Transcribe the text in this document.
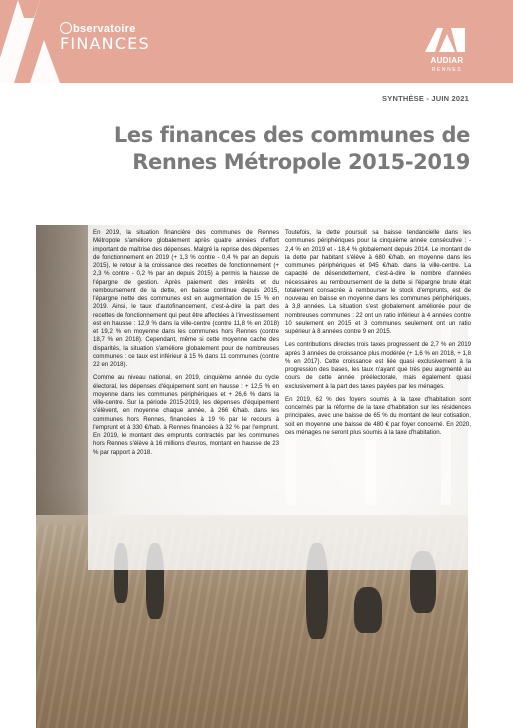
bservatoire
FINANCES
AUDIAR
RENNES
SYNTHÈSE - JUIN 2021
Les finances des communes de
Rennes Métropole 2015-2019

En 2019, la situation financière des communes de Rennes Métropole s'améliore globalement après quatre années d'effort important de maîtrise des dépenses. Malgré la reprise des dépenses de fonctionnement en 2019 (+ 1,3 % contre - 0,4 % par an depuis 2015), le retour à la croissance des recettes de fonctionnement (+ 2,3 % contre - 0,2 % par an depuis 2015) a permis la hausse de l'épargne de gestion. Après paiement des intérêts et du remboursement de la dette, en baisse continue depuis 2015, l'épargne nette des communes est en augmentation de 15 % en 2019. Ainsi, le taux d'autofinancement, c'est-à-dire la part des recettes de fonctionnement qui peut être affectées à l'investissement est en hausse : 12,9 % dans la ville-centre (contre 11,8 % en 2018) et 19,2 % en moyenne dans les communes hors Rennes (contre 18,7 % en 2018). Cependant, même si cette moyenne cache des disparités, la situation s'améliore globalement pour de nombreuses communes : ce taux est inférieur à 15 % dans 11 communes (contre 22 en 2018).

Comme au niveau national, en 2019, cinquième année du cycle électoral, les dépenses d'équipement sont en hausse : + 12,5 % en moyenne dans les communes périphériques et + 26,6 % dans la ville-centre. Sur la période 2015-2019, les dépenses d'équipement s'élèvent, en moyenne chaque année, à 266 €/hab. dans les communes hors Rennes, financées à 19 % par le recours à l'emprunt et à 330 €/hab. à Rennes financées à 32 % par l'emprunt. En 2019, le montant des emprunts contractés par les communes hors Rennes s'élève à 16 millions d'euros, montant en hausse de 23 % par rapport à 2018.

Toutefois, la dette poursuit sa baisse tendancielle dans les communes périphériques pour la cinquième année consécutive : - 2,4 % en 2019 et - 18,4 % globalement depuis 2014. Le montant de la dette par habitant s'élève à 680 €/hab. en moyenne dans les communes périphériques et 945 €/hab. dans la ville-centre. La capacité de désendettement, c'est-à-dire le nombre d'années nécessaires au remboursement de la dette si l'épargne brute était totalement consacrée à rembourser le stock d'emprunts, est de nouveau en baisse en moyenne dans les communes périphériques, à 3,8 années. La situation s'est globalement améliorée pour de nombreuses communes : 22 ont un ratio inférieur à 4 années contre 10 seulement en 2015 et 3 communes seulement ont un ratio supérieur à 8 années contre 9 en 2015.

Les contributions directes trois taxes progressent de 2,7 % en 2019 après 3 années de croissance plus modérée (+ 1,6 % en 2018, + 1,8 % en 2017). Cette croissance est liée quasi exclusivement à la progression des bases, les taux n'ayant que très peu augmenté au cours de cette année préélectorale, mais également quasi exclusivement à la part des taxes payées par les ménages.

En 2019, 62 % des foyers soumis à la taxe d'habitation sont concernés par la réforme de la taxe d'habitation sur les résidences principales, avec une baisse de 65 % du montant de leur cotisation, soit en moyenne une baisse de 480 € par foyer concerné. En 2020, ces ménages ne seront plus soumis à la taxe d'habitation.
